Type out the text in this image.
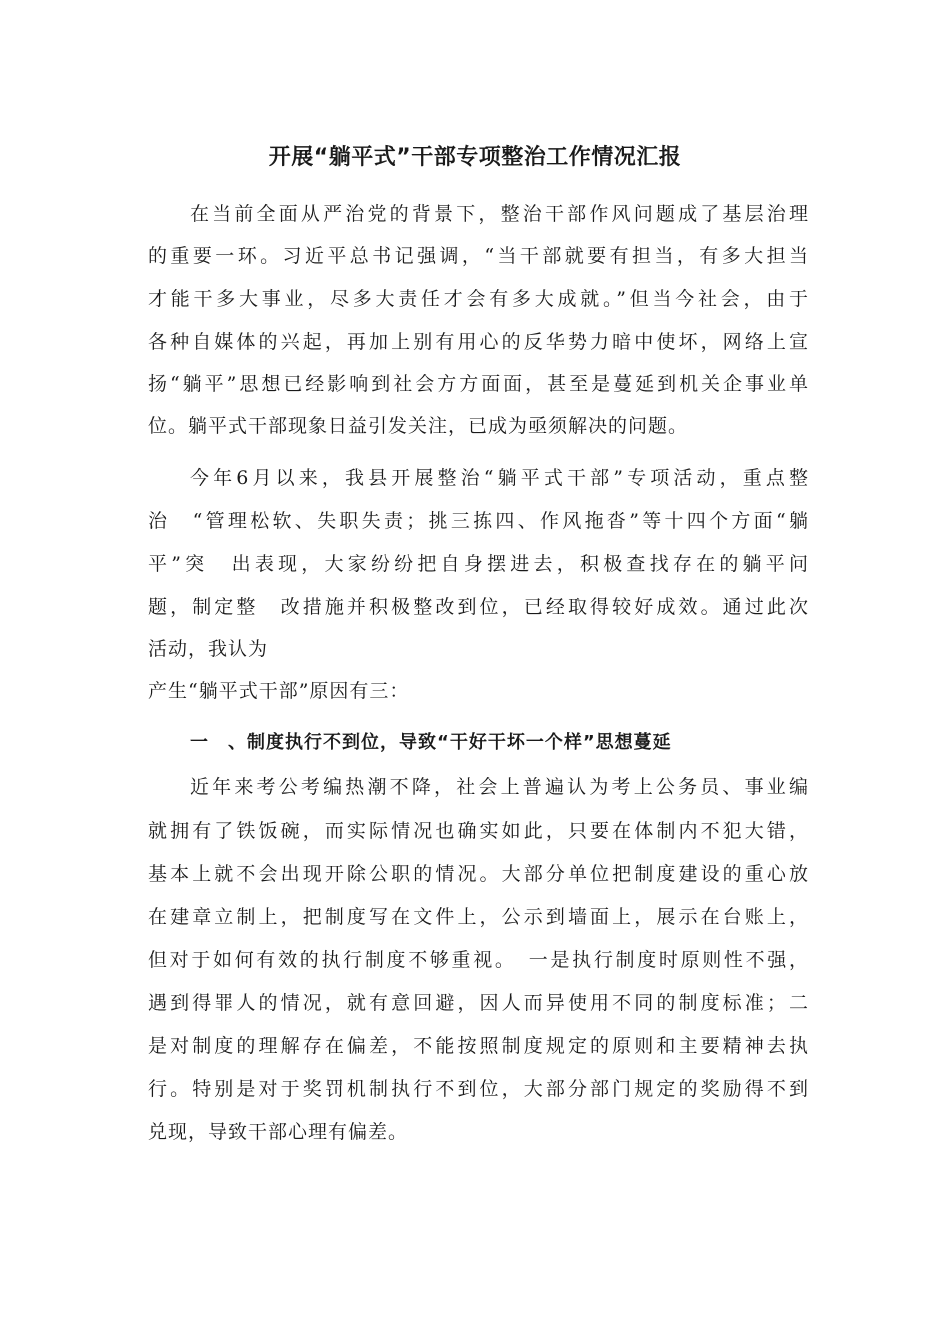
开展“躺平式”干部专项整治工作情况汇报

在当前全面从严治党的背景下，整治干部作风问题成了基层治理

的重要一环。习近平总书记强调，“当干部就要有担当，有多大担当

才能干多大事业，尽多大责任才会有多大成就。”但当今社会，由于

各种自媒体的兴起，再加上别有用心的反华势力暗中使坏，网络上宣

扬“躺平”思想已经影响到社会方方面面，甚至是蔓延到机关企事业单

位。躺平式干部现象日益引发关注，已成为亟须解决的问题。

今年6月以来，我县开展整治“躺平式干部”专项活动，重点整

治　“管理松软、失职失责；挑三拣四、作风拖沓”等十四个方面“躺

平”突　出表现，大家纷纷把自身摆进去，积极查找存在的躺平问

题，制定整　改措施并积极整改到位，已经取得较好成效。通过此次

活动，我认为

产生“躺平式干部”原因有三：

一　、制度执行不到位，导致“干好干坏一个样”思想蔓延

近年来考公考编热潮不降，社会上普遍认为考上公务员、事业编

就拥有了铁饭碗，而实际情况也确实如此，只要在体制内不犯大错，

基本上就不会出现开除公职的情况。大部分单位把制度建设的重心放

在建章立制上，把制度写在文件上，公示到墙面上，展示在台账上，

但对于如何有效的执行制度不够重视。　一是执行制度时原则性不强，

遇到得罪人的情况，就有意回避，因人而异使用不同的制度标准；二

是对制度的理解存在偏差，不能按照制度规定的原则和主要精神去执

行。特别是对于奖罚机制执行不到位，大部分部门规定的奖励得不到

兑现，导致干部心理有偏差。
